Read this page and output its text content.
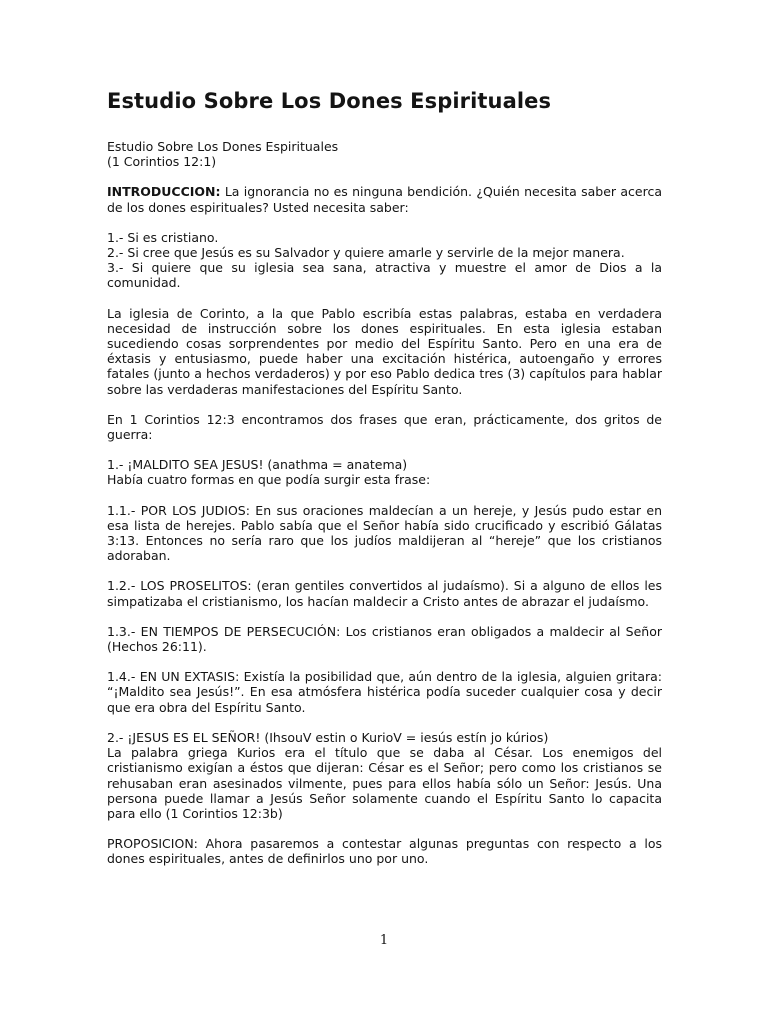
Estudio Sobre Los Dones Espirituales

Estudio Sobre Los Dones Espirituales
(1 Corintios 12:1)

INTRODUCCION: La ignorancia no es ninguna bendición. ¿Quién necesita saber acerca de los dones espirituales? Usted necesita saber:

1.- Si es cristiano.
2.- Si cree que Jesús es su Salvador y quiere amarle y servirle de la mejor manera.
3.- Si quiere que su iglesia sea sana, atractiva y muestre el amor de Dios a la comunidad.

La iglesia de Corinto, a la que Pablo escribía estas palabras, estaba en verdadera necesidad de instrucción sobre los dones espirituales. En esta iglesia estaban sucediendo cosas sorprendentes por medio del Espíritu Santo. Pero en una era de éxtasis y entusiasmo, puede haber una excitación histérica, autoengaño y errores fatales (junto a hechos verdaderos) y por eso Pablo dedica tres (3) capítulos para hablar sobre las verdaderas manifestaciones del Espíritu Santo.

En 1 Corintios 12:3 encontramos dos frases que eran, prácticamente, dos gritos de guerra:

1.- ¡MALDITO SEA JESUS! (anathma = anatema)
Había cuatro formas en que podía surgir esta frase:

1.1.- POR LOS JUDIOS: En sus oraciones maldecían a un hereje, y Jesús pudo estar en esa lista de herejes. Pablo sabía que el Señor había sido crucificado y escribió Gálatas 3:13. Entonces no sería raro que los judíos maldijeran al “hereje” que los cristianos adoraban.

1.2.- LOS PROSELITOS: (eran gentiles convertidos al judaísmo). Si a alguno de ellos les simpatizaba el cristianismo, los hacían maldecir a Cristo antes de abrazar el judaísmo.

1.3.- EN TIEMPOS DE PERSECUCIÓN: Los cristianos eran obligados a maldecir al Señor (Hechos 26:11).

1.4.- EN UN EXTASIS: Existía la posibilidad que, aún dentro de la iglesia, alguien gritara: “¡Maldito sea Jesús!”. En esa atmósfera histérica podía suceder cualquier cosa y decir que era obra del Espíritu Santo.

2.- ¡JESUS ES EL SEÑOR! (IhsouV estin o KurioV = iesús estín jo kúrios)
La palabra griega Kurios era el título que se daba al César. Los enemigos del cristianismo exigían a éstos que dijeran: César es el Señor; pero como los cristianos se rehusaban eran asesinados vilmente, pues para ellos había sólo un Señor: Jesús. Una persona puede llamar a Jesús Señor solamente cuando el Espíritu Santo lo capacita para ello (1 Corintios 12:3b)

PROPOSICION: Ahora pasaremos a contestar algunas preguntas con respecto a los dones espirituales, antes de definirlos uno por uno.

1
